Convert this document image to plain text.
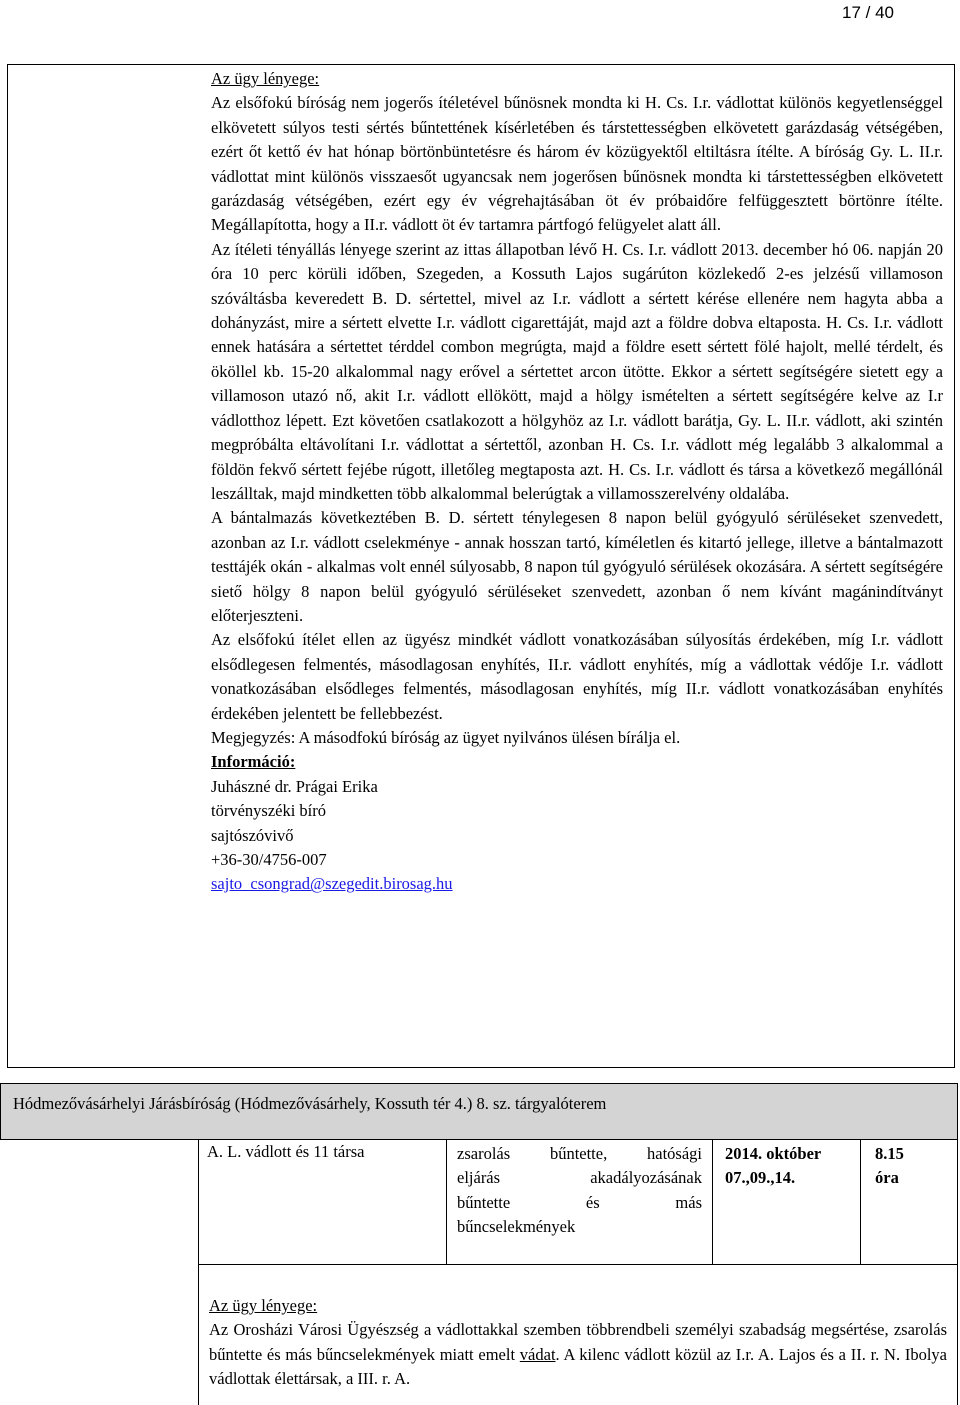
17 / 40
Az ügy lényege:

Az elsőfokú bíróság nem jogerős ítéletével bűnösnek mondta ki H. Cs. I.r. vádlottat különös kegyetlenséggel elkövetett súlyos testi sértés bűntettének kísérletében és társtettességben elkövetett garázdaság vétségében, ezért őt kettő év hat hónap börtönbüntetésre és három év közügyektől eltiltásra ítélte. A bíróság Gy. L. II.r. vádlottat mint különös visszaesőt ugyancsak nem jogerősen bűnösnek mondta ki társtettességben elkövetett garázdaság vétségében, ezért egy év végrehajtásában öt év próbaidőre felfüggesztett börtönre ítélte. Megállapította, hogy a II.r. vádlott öt év tartamra pártfogó felügyelet alatt áll.

Az ítéleti tényállás lényege szerint az ittas állapotban lévő H. Cs. I.r. vádlott 2013. december hó 06. napján 20 óra 10 perc körüli időben, Szegeden, a Kossuth Lajos sugárúton közlekedő 2-es jelzésű villamoson szóváltásba keveredett B. D. sértettel, mivel az I.r. vádlott a sértett kérése ellenére nem hagyta abba a dohányzást, mire a sértett elvette I.r. vádlott cigarettáját, majd azt a földre dobva eltaposta. H. Cs. I.r. vádlott ennek hatására a sértettet térddel combon megrúgta, majd a földre esett sértett fölé hajolt, mellé térdelt, és ököllel kb. 15-20 alkalommal nagy erővel a sértettet arcon ütötte. Ekkor a sértett segítségére sietett egy a villamoson utazó nő, akit I.r. vádlott ellökött, majd a hölgy ismételten a sértett segítségére kelve az I.r vádlotthoz lépett. Ezt követően csatlakozott a hölgyhöz az I.r. vádlott barátja, Gy. L. II.r. vádlott, aki szintén megpróbálta eltávolítani I.r. vádlottat a sértettől, azonban H. Cs. I.r. vádlott még legalább 3 alkalommal a földön fekvő sértett fejébe rúgott, illetőleg megtaposta azt. H. Cs. I.r. vádlott és társa a következő megállónál leszálltak, majd mindketten több alkalommal belerúgtak a villamosszerelvény oldalába.

A bántalmazás következtében B. D. sértett ténylegesen 8 napon belül gyógyuló sérüléseket szenvedett, azonban az I.r. vádlott cselekménye - annak hosszan tartó, kíméletlen és kitartó jellege, illetve a bántalmazott testtájék okán - alkalmas volt ennél súlyosabb, 8 napon túl gyógyuló sérülések okozására. A sértett segítségére siető hölgy 8 napon belül gyógyuló sérüléseket szenvedett, azonban ő nem kívánt magánindítványt előterjeszteni.

Az elsőfokú ítélet ellen az ügyész mindkét vádlott vonatkozásában súlyosítás érdekében, míg I.r. vádlott elsődlegesen felmentés, másodlagosan enyhítés, II.r. vádlott enyhítés, míg a vádlottak védője I.r. vádlott vonatkozásában elsődleges felmentés, másodlagosan enyhítés, míg II.r. vádlott vonatkozásában enyhítés érdekében jelentett be fellebbezést.

Megjegyzés: A másodfokú bíróság az ügyet nyilvános ülésen bírálja el.

Információ:
Juhászné dr. Prágai Erika
törvényszéki bíró
sajtószóvivő
+36-30/4756-007
sajto_csongrad@szegedit.birosag.hu
Hódmezővásárhelyi Járásbíróság (Hódmezővásárhely, Kossuth tér 4.) 8. sz. tárgyalóterem
A. L. vádlott és 11 társa	zsarolás bűntette, hatósági
eljárás akadályozásának
bűntette és más
bűncselekmények
2014. október
07.,09.,14.
8.15
óra
Az ügy lényege:
Az Orosházi Városi Ügyészség a vádlottakkal szemben többrendbeli személyi szabadság megsértése, zsarolás bűntette és más bűncselekmények miatt emelt vádat. A kilenc vádlott közül az I.r. A. Lajos és a II. r. N. Ibolya vádlottak élettársak, a III. r. A.
